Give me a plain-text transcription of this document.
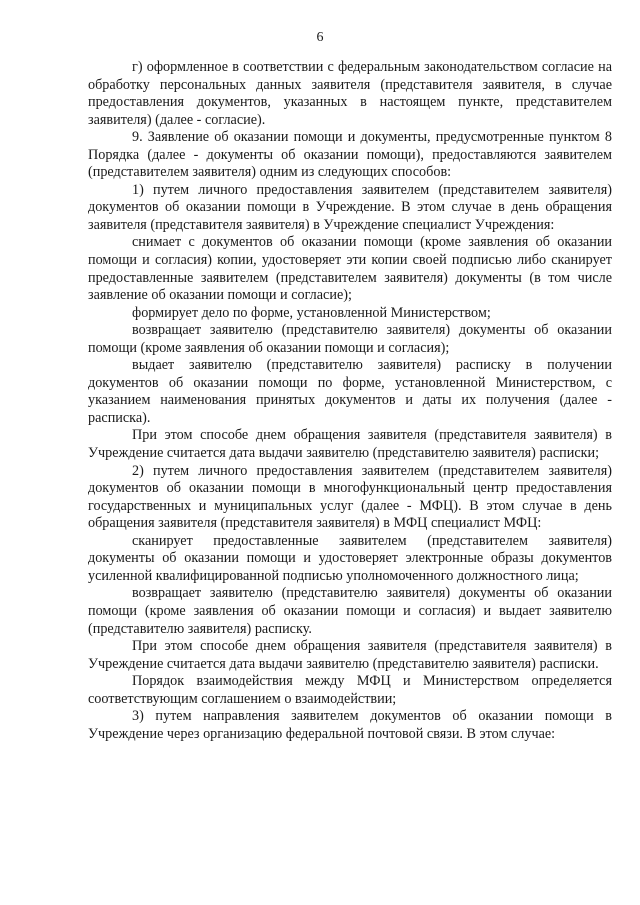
6

г) оформленное в соответствии с федеральным законодательством согласие на обработку персональных данных заявителя (представителя заявителя, в случае предоставления документов, указанных в настоящем пункте, представителем заявителя) (далее - согласие).

9. Заявление об оказании помощи и документы, предусмотренные пунктом 8 Порядка (далее - документы об оказании помощи), предоставляются заявителем (представителем заявителя) одним из следующих способов:

1) путем личного предоставления заявителем (представителем заявителя) документов об оказании помощи в Учреждение. В этом случае в день обращения заявителя (представителя заявителя) в Учреждение специалист Учреждения:

снимает с документов об оказании помощи (кроме заявления об оказании помощи и согласия) копии, удостоверяет эти копии своей подписью либо сканирует предоставленные заявителем (представителем заявителя) документы (в том числе заявление об оказании помощи и согласие);

формирует дело по форме, установленной Министерством;

возвращает заявителю (представителю заявителя) документы об оказании помощи (кроме заявления об оказании помощи и согласия);

выдает заявителю (представителю заявителя) расписку в получении документов об оказании помощи по форме, установленной Министерством, с указанием наименования принятых документов и даты их получения (далее - расписка).

При этом способе днем обращения заявителя (представителя заявителя) в Учреждение считается дата выдачи заявителю (представителю заявителя) расписки;

2) путем личного предоставления заявителем (представителем заявителя) документов об оказании помощи в многофункциональный центр предоставления государственных и муниципальных услуг (далее - МФЦ). В этом случае в день обращения заявителя (представителя заявителя) в МФЦ специалист МФЦ:

сканирует предоставленные заявителем (представителем заявителя) документы об оказании помощи и удостоверяет электронные образы документов усиленной квалифицированной подписью уполномоченного должностного лица;

возвращает заявителю (представителю заявителя) документы об оказании помощи (кроме заявления об оказании помощи и согласия) и выдает заявителю (представителю заявителя) расписку.

При этом способе днем обращения заявителя (представителя заявителя) в Учреждение считается дата выдачи заявителю (представителю заявителя) расписки.

Порядок взаимодействия между МФЦ и Министерством определяется соответствующим соглашением о взаимодействии;

3) путем направления заявителем документов об оказании помощи в Учреждение через организацию федеральной почтовой связи. В этом случае:
